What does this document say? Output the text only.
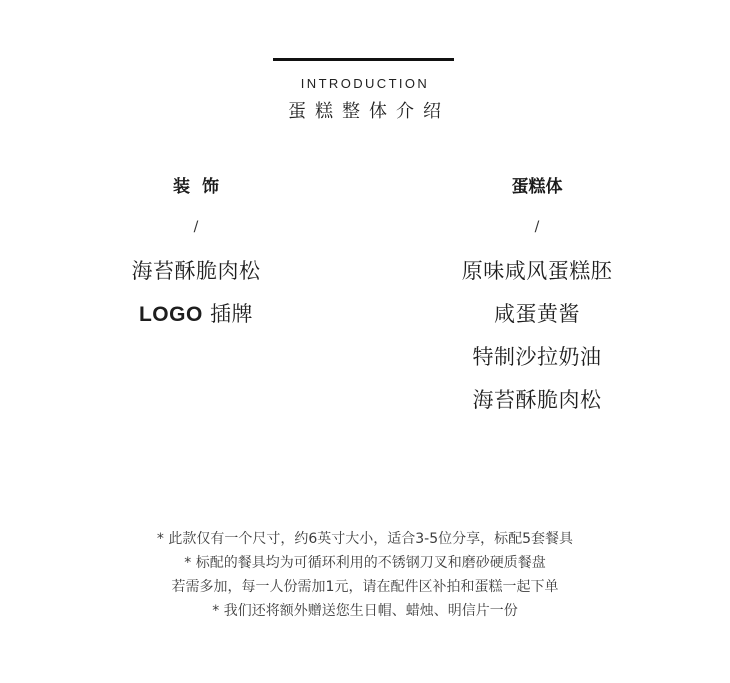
INTRODUCTION
蛋糕整体介绍
装饰
/
海苔酥脆肉松
LOGO 插牌
蛋糕体
/
原味咸风蛋糕胚
咸蛋黄酱
特制沙拉奶油
海苔酥脆肉松
* 此款仅有一个尺寸，约6英寸大小，适合3-5位分享，标配5套餐具
* 标配的餐具均为可循环利用的不锈钢刀叉和磨砂硬质餐盘
若需多加，每一人份需加1元，请在配件区补拍和蛋糕一起下单
* 我们还将额外赠送您生日帽、蜡烛、明信片一份
